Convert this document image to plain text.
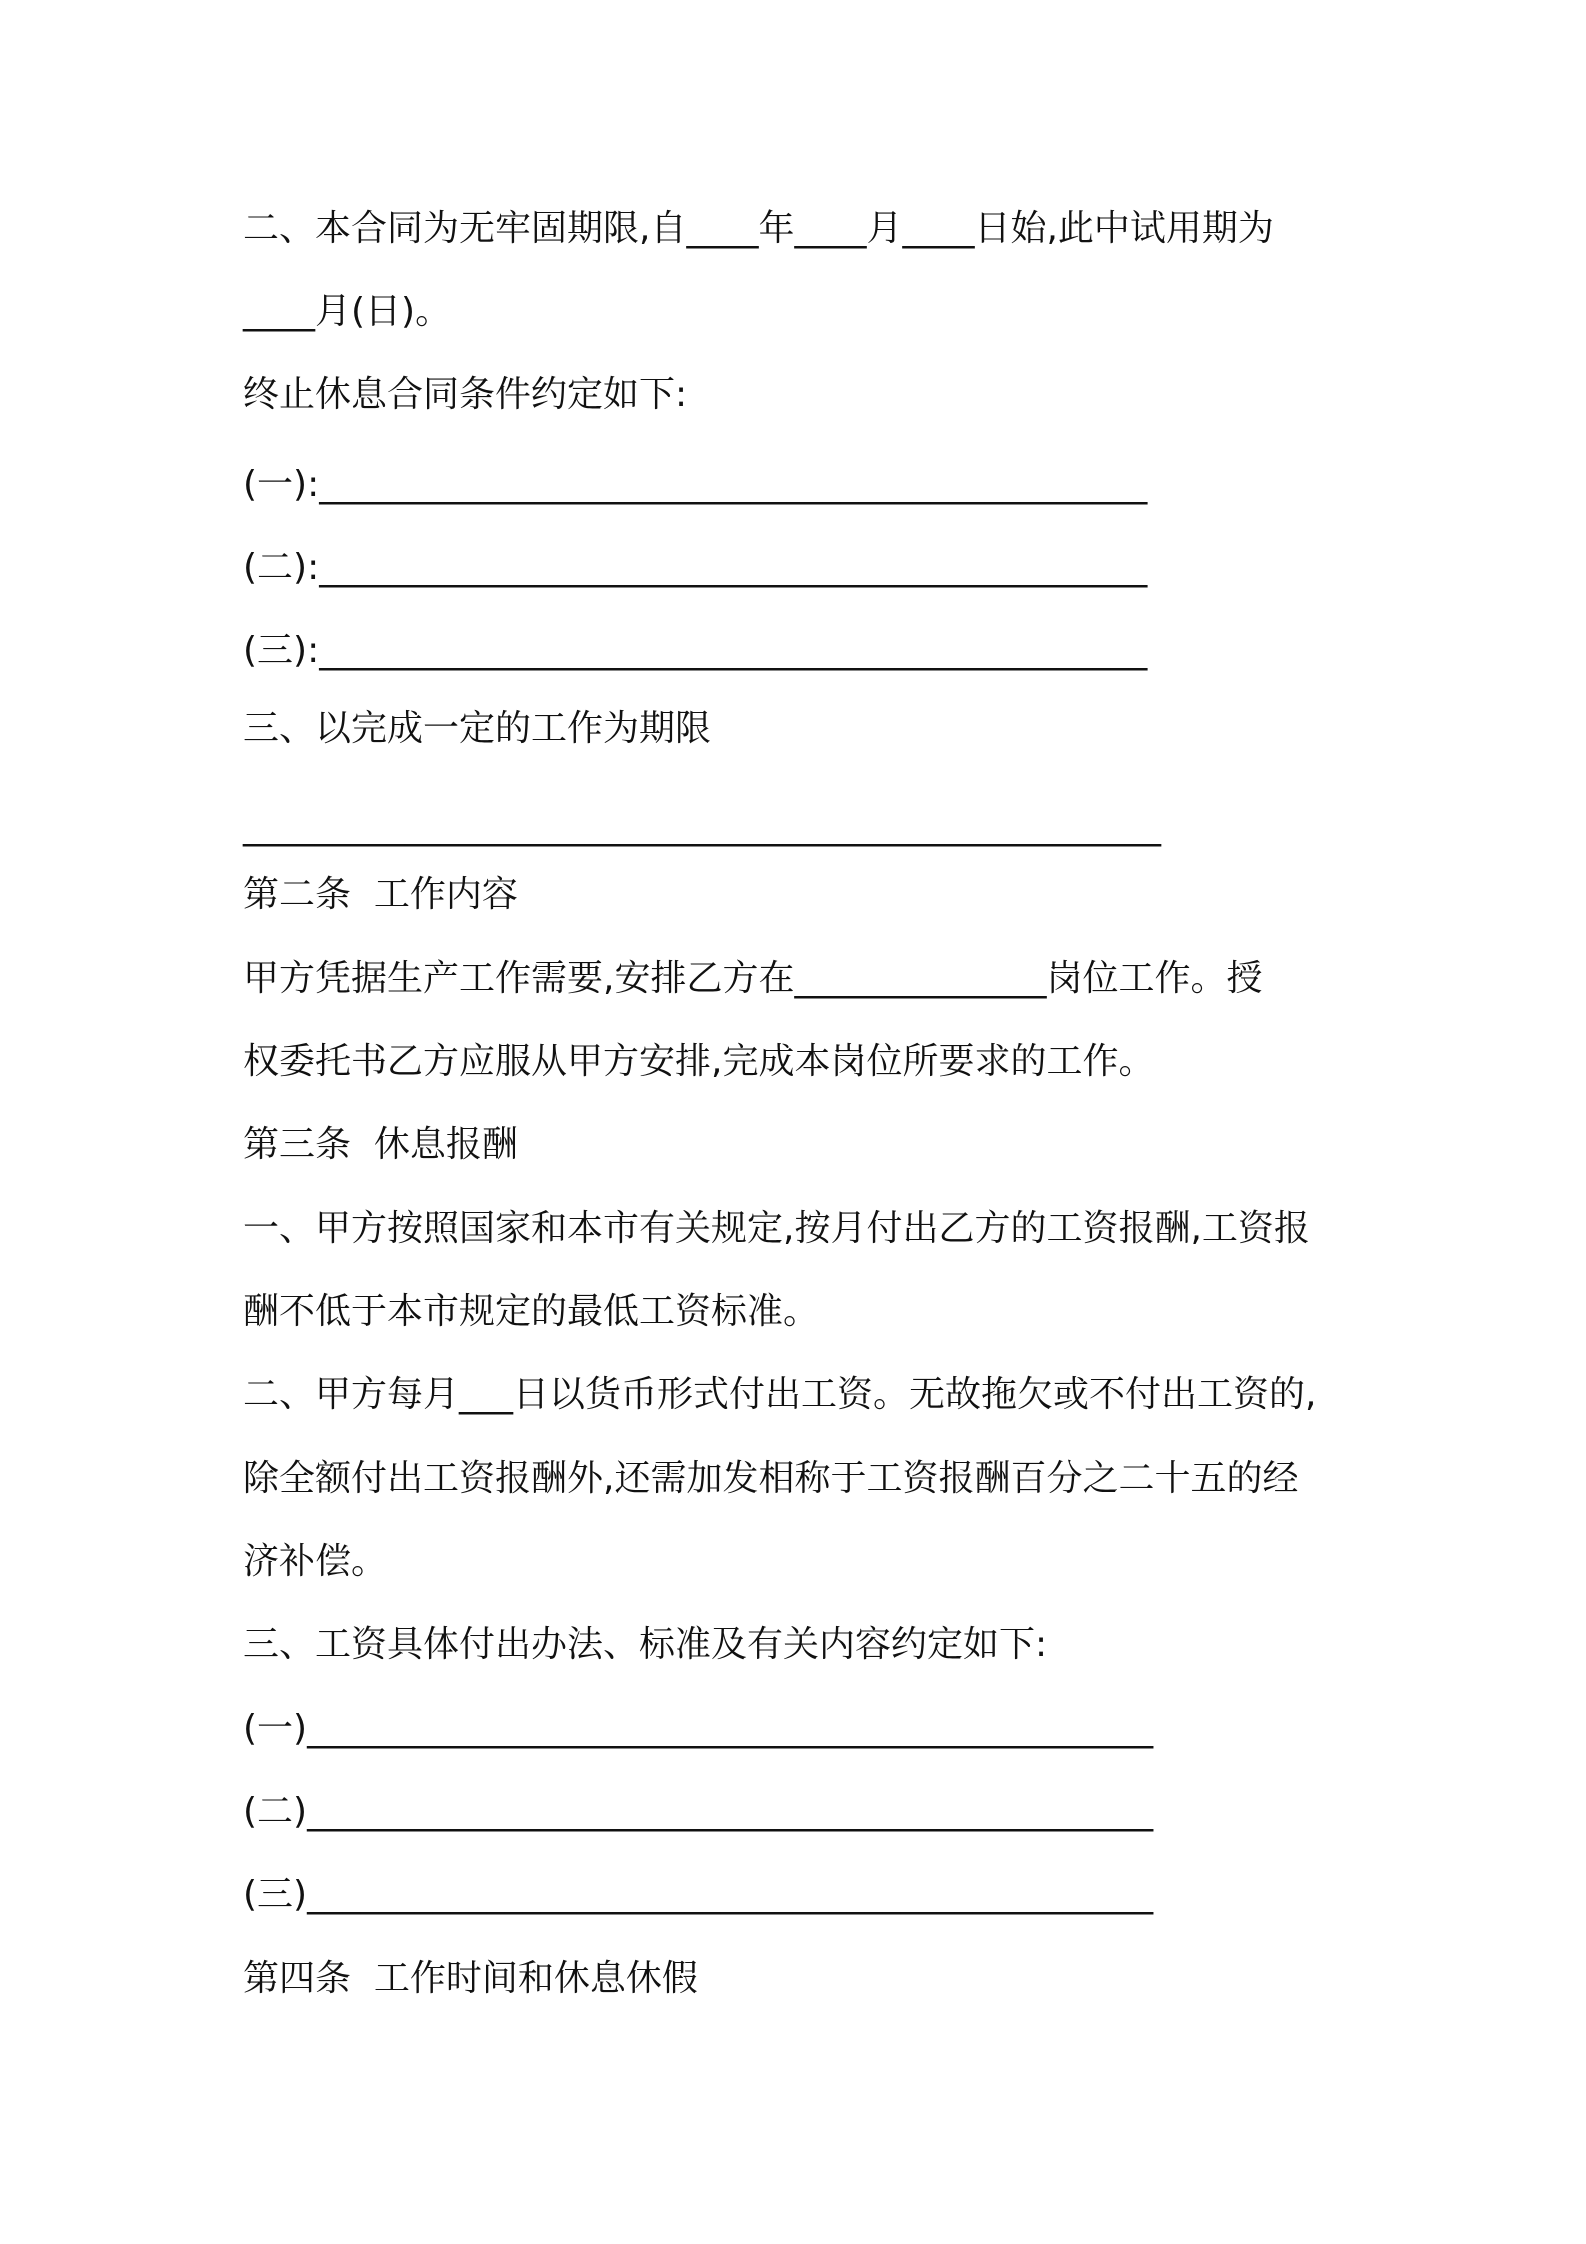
二、本合同为无牢固期限,自____年____月____日始,此中试用期为
____月(日)。
终止休息合同条件约定如下:
(一):______________________________________________
(二):______________________________________________
(三):______________________________________________
三、以完成一定的工作为期限
___________________________________________________
第二条  工作内容
甲方凭据生产工作需要,安排乙方在______________岗位工作。授
权委托书乙方应服从甲方安排,完成本岗位所要求的工作。
第三条  休息报酬
一、甲方按照国家和本市有关规定,按月付出乙方的工资报酬,工资报
酬不低于本市规定的最低工资标准。
二、甲方每月___日以货币形式付出工资。无故拖欠或不付出工资的,
除全额付出工资报酬外,还需加发相称于工资报酬百分之二十五的经
济补偿。
三、工资具体付出办法、标准及有关内容约定如下:
(一)_______________________________________________
(二)_______________________________________________
(三)_______________________________________________
第四条  工作时间和休息休假
